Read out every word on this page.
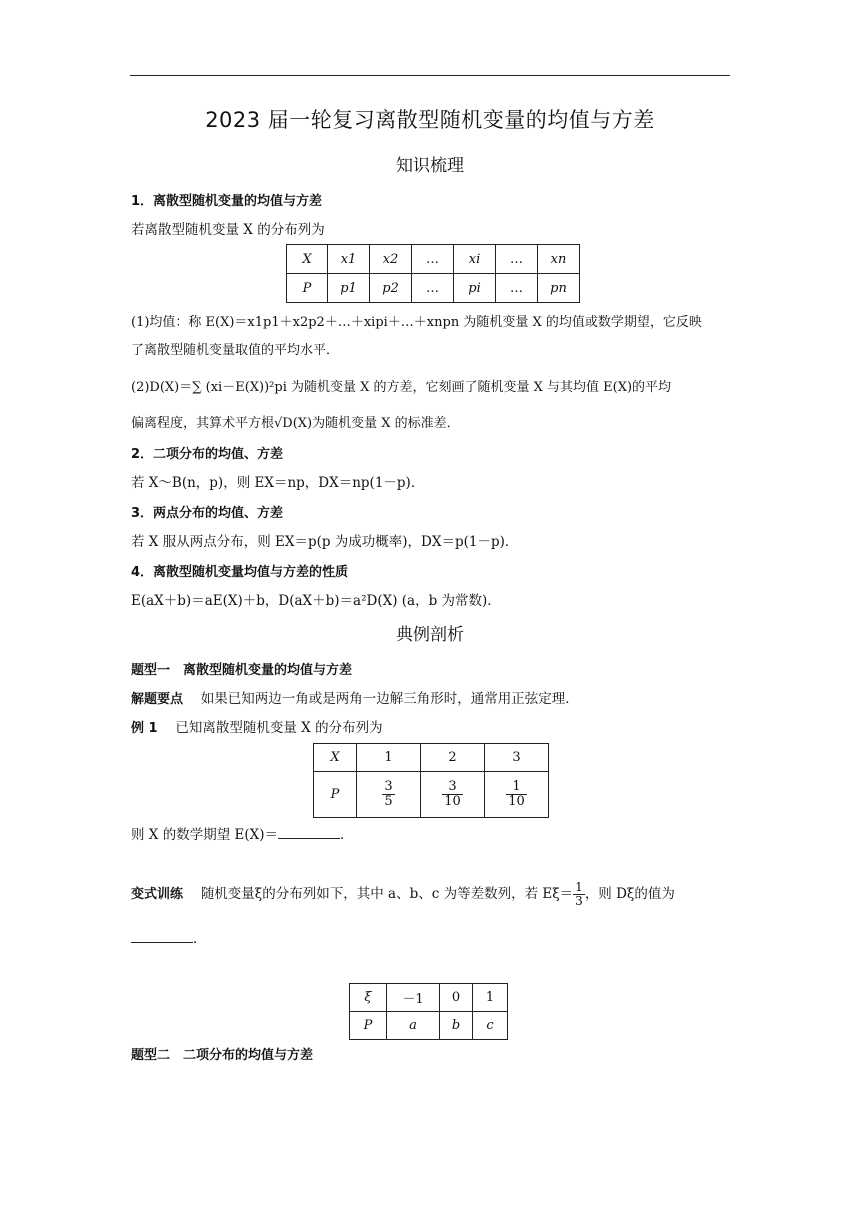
2023 届一轮复习离散型随机变量的均值与方差
知识梳理
1．离散型随机变量的均值与方差
若离散型随机变量 X 的分布列为
X	x1	x2	…	xi	…	xn
P	p1	p2	…	pi	…	pn
(1)均值：称 E(X)＝x1p1＋x2p2＋…＋xipi＋…＋xnpn 为随机变量 X 的均值或数学期望，它反映
了离散型随机变量取值的平均水平．
(2)D(X)＝∑ (xi－E(X))²pi 为随机变量 X 的方差，它刻画了随机变量 X 与其均值 E(X)的平均
偏离程度，其算术平方根√D(X)为随机变量 X 的标准差．
2．二项分布的均值、方差
若 X～B(n，p)，则 EX＝np，DX＝np(1－p)．
3．两点分布的均值、方差
若 X 服从两点分布，则 EX＝p(p 为成功概率)，DX＝p(1－p)．
4．离散型随机变量均值与方差的性质
E(aX＋b)＝aE(X)＋b，D(aX＋b)＝a²D(X) (a，b 为常数)．
典例剖析
题型一　离散型随机变量的均值与方差
解题要点　 如果已知两边一角或是两角一边解三角形时，通常用正弦定理．
例 1　 已知离散型随机变量 X 的分布列为
X	1	2	3
P	$\frac{3}{5}$	$\frac{3}{10}$	$\frac{1}{10}$
则 X 的数学期望 E(X)＝	．
变式训练　 随机变量ξ的分布列如下，其中 a、b、c 为等差数列，若 $E\xi= \frac{1}{3}$ ，则 Dξ的值为
．
ξ	－1	0	1
P	a	b	c
题型二　二项分布的均值与方差
